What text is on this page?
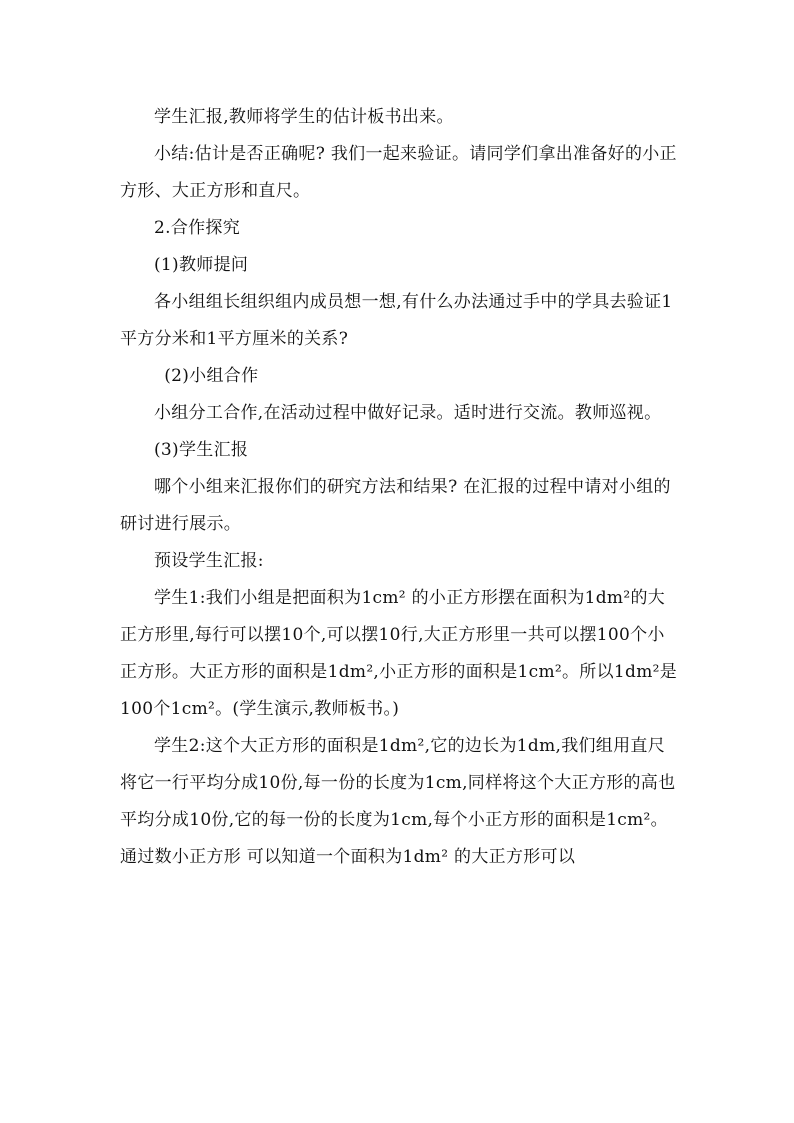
学生汇报,教师将学生的估计板书出来。

小结:估计是否正确呢? 我们一起来验证。请同学们拿出准备好的小正方形、大正方形和直尺。

2.合作探究

(1)教师提问

各小组组长组织组内成员想一想,有什么办法通过手中的学具去验证1平方分米和1平方厘米的关系?

(2)小组合作

小组分工合作,在活动过程中做好记录。适时进行交流。教师巡视。

(3)学生汇报

哪个小组来汇报你们的研究方法和结果? 在汇报的过程中请对小组的研讨进行展示。

预设学生汇报:

学生1:我们小组是把面积为1cm² 的小正方形摆在面积为1dm²的大正方形里,每行可以摆10个,可以摆10行,大正方形里一共可以摆100个小正方形。大正方形的面积是1dm²,小正方形的面积是1cm²。所以1dm²是100个1cm²。(学生演示,教师板书。)

学生2:这个大正方形的面积是1dm²,它的边长为1dm,我们组用直尺将它一行平均分成10份,每一份的长度为1cm,同样将这个大正方形的高也平均分成10份,它的每一份的长度为1cm,每个小正方形的面积是1cm²。通过数小正方形 可以知道一个面积为1dm² 的大正方形可以
